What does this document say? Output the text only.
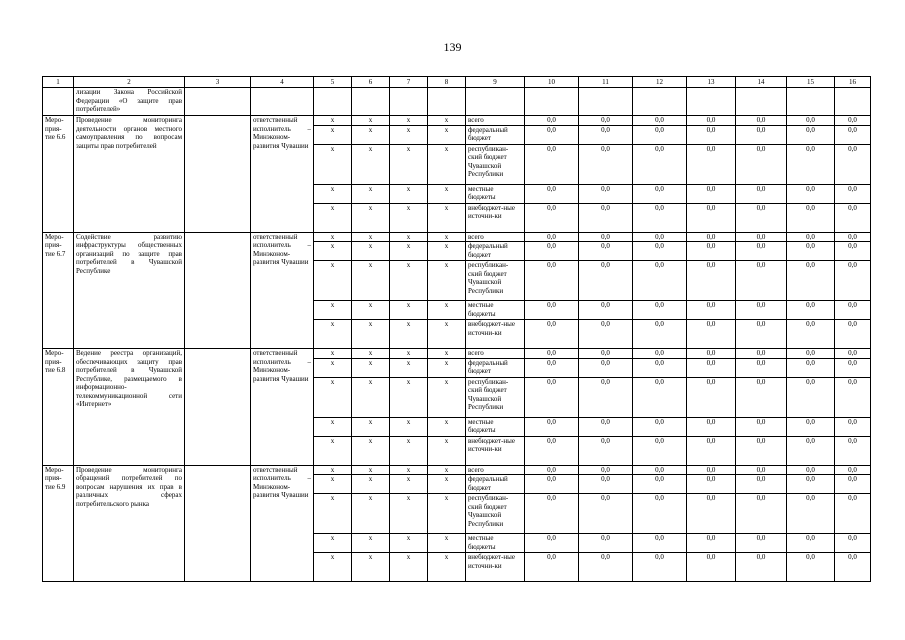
139
1	2	3	4	5	6	7	8	9	10	11	12	13	14	15	16
	лизации Закона Российской Федерации «О защите прав потребителей»														
Меро-прия-тие 6.6	Проведение мониторинга деятельности органов местного самоуправления по вопросам защиты прав потребителей		ответственный исполнитель – Минэконом-развития Чувашии	x	x	x	x	всего	0,0	0,0	0,0	0,0	0,0	0,0	0,0
				x	x	x	x	федеральный бюджет	0,0	0,0	0,0	0,0	0,0	0,0	0,0
				x	x	x	x	республикан-ский бюджет Чувашской Республики	0,0	0,0	0,0	0,0	0,0	0,0	0,0
				x	x	x	x	местные бюджеты	0,0	0,0	0,0	0,0	0,0	0,0	0,0
				x	x	x	x	внебюджет-ные источни-ки	0,0	0,0	0,0	0,0	0,0	0,0	0,0
Меро-прия-тие 6.7	Содействие развитию инфраструктуры общественных организаций по защите прав потребителей в Чувашской Республике		ответственный исполнитель – Минэконом-развития Чувашии	x	x	x	x	всего	0,0	0,0	0,0	0,0	0,0	0,0	0,0
				x	x	x	x	федеральный бюджет	0,0	0,0	0,0	0,0	0,0	0,0	0,0
				x	x	x	x	республикан-ский бюджет Чувашской Республики	0,0	0,0	0,0	0,0	0,0	0,0	0,0
				x	x	x	x	местные бюджеты	0,0	0,0	0,0	0,0	0,0	0,0	0,0
				x	x	x	x	внебюджет-ные источни-ки	0,0	0,0	0,0	0,0	0,0	0,0	0,0
Меро-прия-тие 6.8	Ведение реестра организаций, обеспечивающих защиту прав потребителей в Чувашской Республике, размещаемого в информационно-телекоммуникационной сети «Интернет»		ответственный исполнитель – Минэконом-развития Чувашии	x	x	x	x	всего	0,0	0,0	0,0	0,0	0,0	0,0	0,0
				x	x	x	x	федеральный бюджет	0,0	0,0	0,0	0,0	0,0	0,0	0,0
				x	x	x	x	республикан-ский бюджет Чувашской Республики	0,0	0,0	0,0	0,0	0,0	0,0	0,0
				x	x	x	x	местные бюджеты	0,0	0,0	0,0	0,0	0,0	0,0	0,0
				x	x	x	x	внебюджет-ные источни-ки	0,0	0,0	0,0	0,0	0,0	0,0	0,0
Меро-прия-тие 6.9	Проведение мониторинга обращений потребителей по вопросам нарушения их прав в различных сферах потребительского рынка		ответственный исполнитель – Минэконом-развития Чувашии	x	x	x	x	всего	0,0	0,0	0,0	0,0	0,0	0,0	0,0
				x	x	x	x	федеральный бюджет	0,0	0,0	0,0	0,0	0,0	0,0	0,0
				x	x	x	x	республикан-ский бюджет Чувашской Республики	0,0	0,0	0,0	0,0	0,0	0,0	0,0
				x	x	x	x	местные бюджеты	0,0	0,0	0,0	0,0	0,0	0,0	0,0
				x	x	x	x	внебюджет-ные источни-ки	0,0	0,0	0,0	0,0	0,0	0,0	0,0
